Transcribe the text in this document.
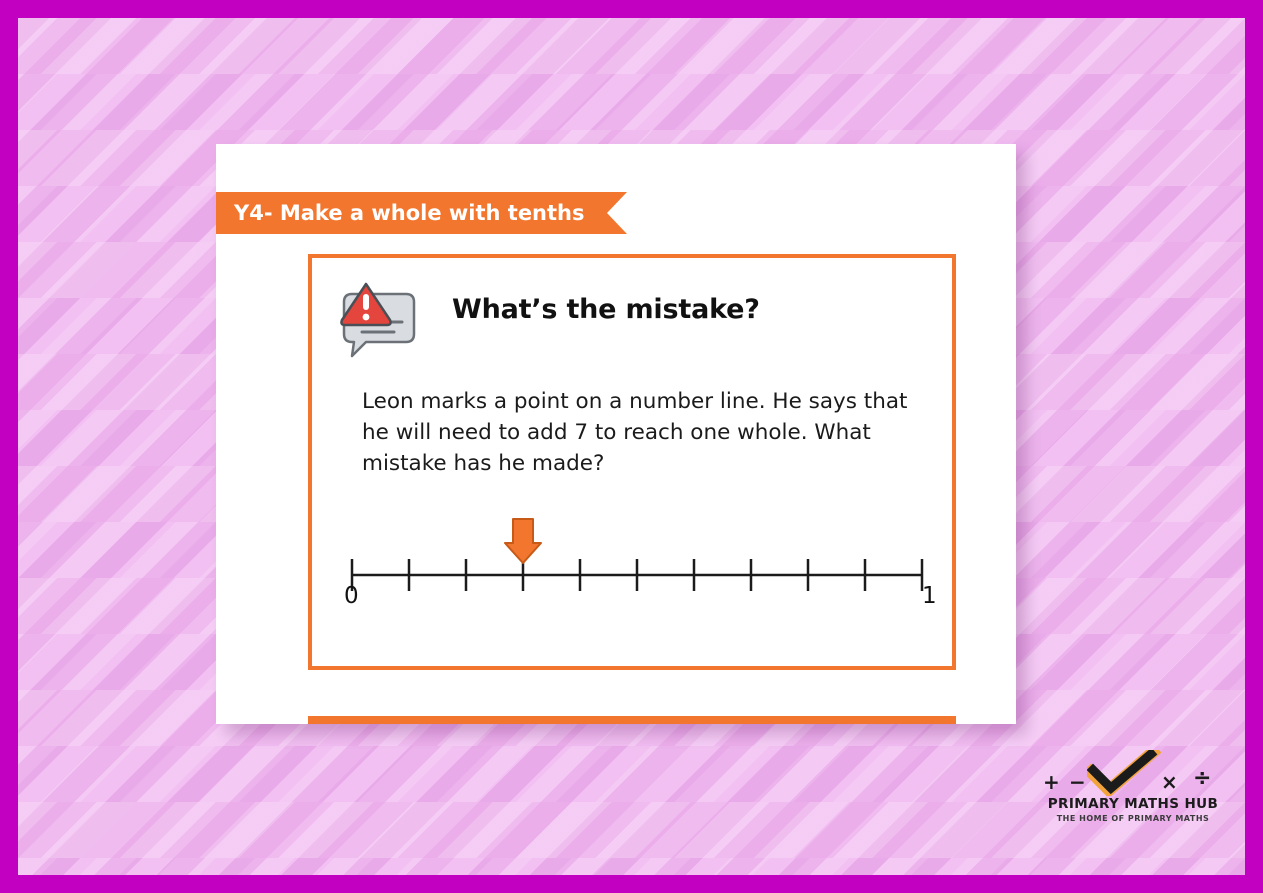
Y4- Make a whole with tenths
What’s the mistake?
Leon marks a point on a number line. He says that he will need to add 7 to reach one whole. What mistake has he made?
0	1
+ −	× ÷
PRIMARY MATHS HUB
THE HOME OF PRIMARY MATHS
